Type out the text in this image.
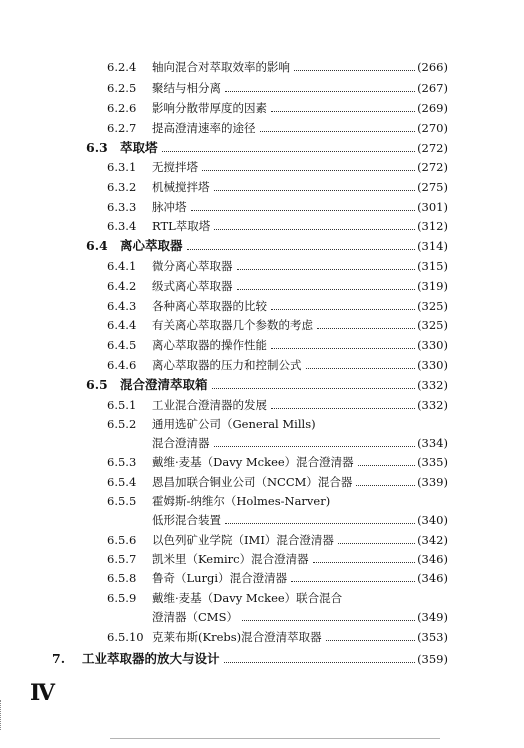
6.2.4	轴向混合对萃取效率的影响	(266)
6.2.5	聚结与相分离	(267)
6.2.6	影响分散带厚度的因素	(269)
6.2.7	提高澄清速率的途径	(270)
6.3 萃取塔	(272)
6.3.1	无搅拌塔	(272)
6.3.2	机械搅拌塔	(275)
6.3.3	脉冲塔	(301)
6.3.4	RTL萃取塔	(312)
6.4 离心萃取器	(314)
6.4.1	微分离心萃取器	(315)
6.4.2	级式离心萃取器	(319)
6.4.3	各种离心萃取器的比较	(325)
6.4.4	有关离心萃取器几个参数的考虑	(325)
6.4.5	离心萃取器的操作性能	(330)
6.4.6	离心萃取器的压力和控制公式	(330)
6.5 混合澄清萃取箱	(332)
6.5.1	工业混合澄清器的发展	(332)
6.5.2	通用选矿公司（General Mills)
混合澄清器	(334)
6.5.3	戴维·麦基（Davy Mckee）混合澄清器	(335)
6.5.4	恩昌加联合铜业公司（NCCM）混合器	(339)
6.5.5	霍姆斯-纳维尔（Holmes-Narver)
低形混合装置	(340)
6.5.6	以色列矿业学院（IMI）混合澄清器	(342)
6.5.7	凯米里（Kemirc）混合澄清器	(346)
6.5.8	鲁奇（Lurgi）混合澄清器	(346)
6.5.9	戴维·麦基（Davy Mckee）联合混合
澄清器（CMS）	(349)
6.5.10 克莱布斯(Krebs)混合澄清萃取器	(353)
7.	工业萃取器的放大与设计	(359)
Ⅳ
